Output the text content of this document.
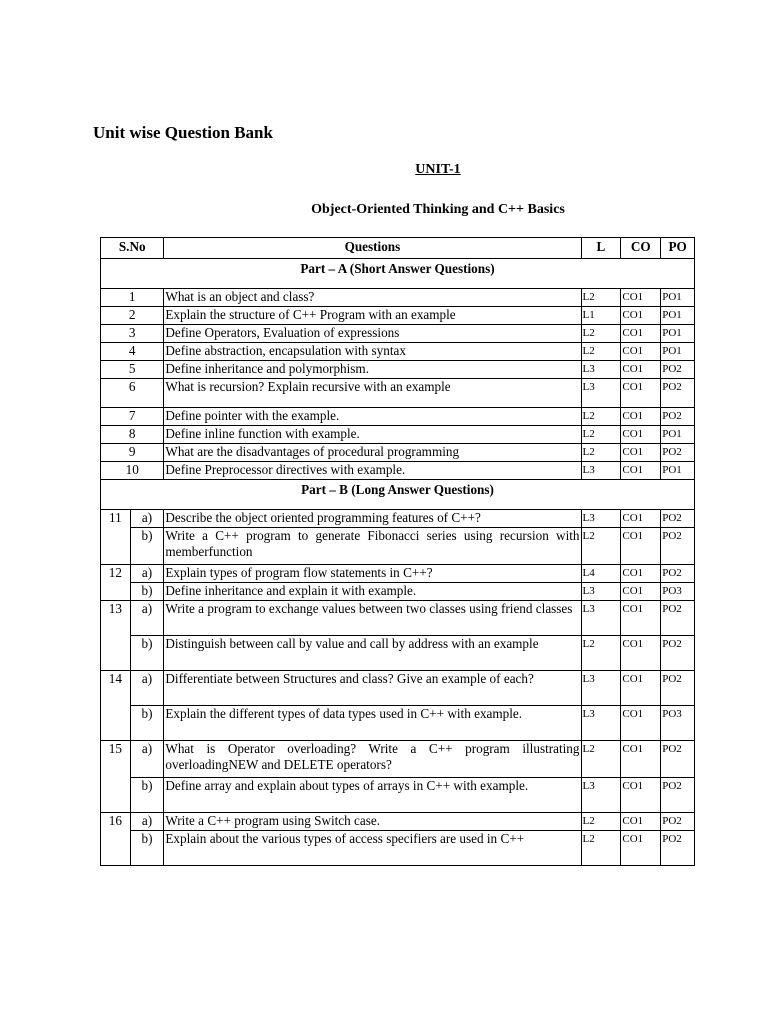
Unit wise Question Bank
UNIT-1
Object-Oriented Thinking and C++ Basics
S.No		Questions	L	CO	PO
Part – A (Short Answer Questions)					
1		What is an object and class?	L2	CO1	PO1
2		Explain the structure of C++ Program with an example	L1	CO1	PO1
3		Define Operators, Evaluation of expressions	L2	CO1	PO1
4		Define abstraction, encapsulation with syntax	L2	CO1	PO1
5		Define inheritance and polymorphism.	L3	CO1	PO2
6		What is recursion? Explain recursive with an example	L3	CO1	PO2
7		Define pointer with the example.	L2	CO1	PO2
8		Define inline function with example.	L2	CO1	PO1
9		What are the disadvantages of procedural programming	L2	CO1	PO2
10		Define Preprocessor directives with example.	L3	CO1	PO1
Part – B (Long Answer Questions)					
11	a)	Describe the object oriented programming features of C++?	L3	CO1	PO2
	b)	Write a C++ program to generate Fibonacci series using recursion with memberfunction	L2	CO1	PO2
12	a)	Explain types of program flow statements in C++?	L4	CO1	PO2
	b)	Define inheritance and explain it with example.	L3	CO1	PO3
13	a)	Write a program to exchange values between two classes using friend classes	L3	CO1	PO2
	b)	Distinguish between call by value and call by address with an example	L2	CO1	PO2
14	a)	Differentiate between Structures and class? Give an example of each?	L3	CO1	PO2
	b)	Explain the different types of data types used in C++ with example.	L3	CO1	PO3
15	a)	What is Operator overloading? Write a C++ program illustrating overloadingNEW and DELETE operators?	L2	CO1	PO2
	b)	Define array and explain about types of arrays in C++ with example.	L3	CO1	PO2
16	a)	Write a C++ program using Switch case.	L2	CO1	PO2
	b)	Explain about the various types of access specifiers are used in C++	L2	CO1	PO2
